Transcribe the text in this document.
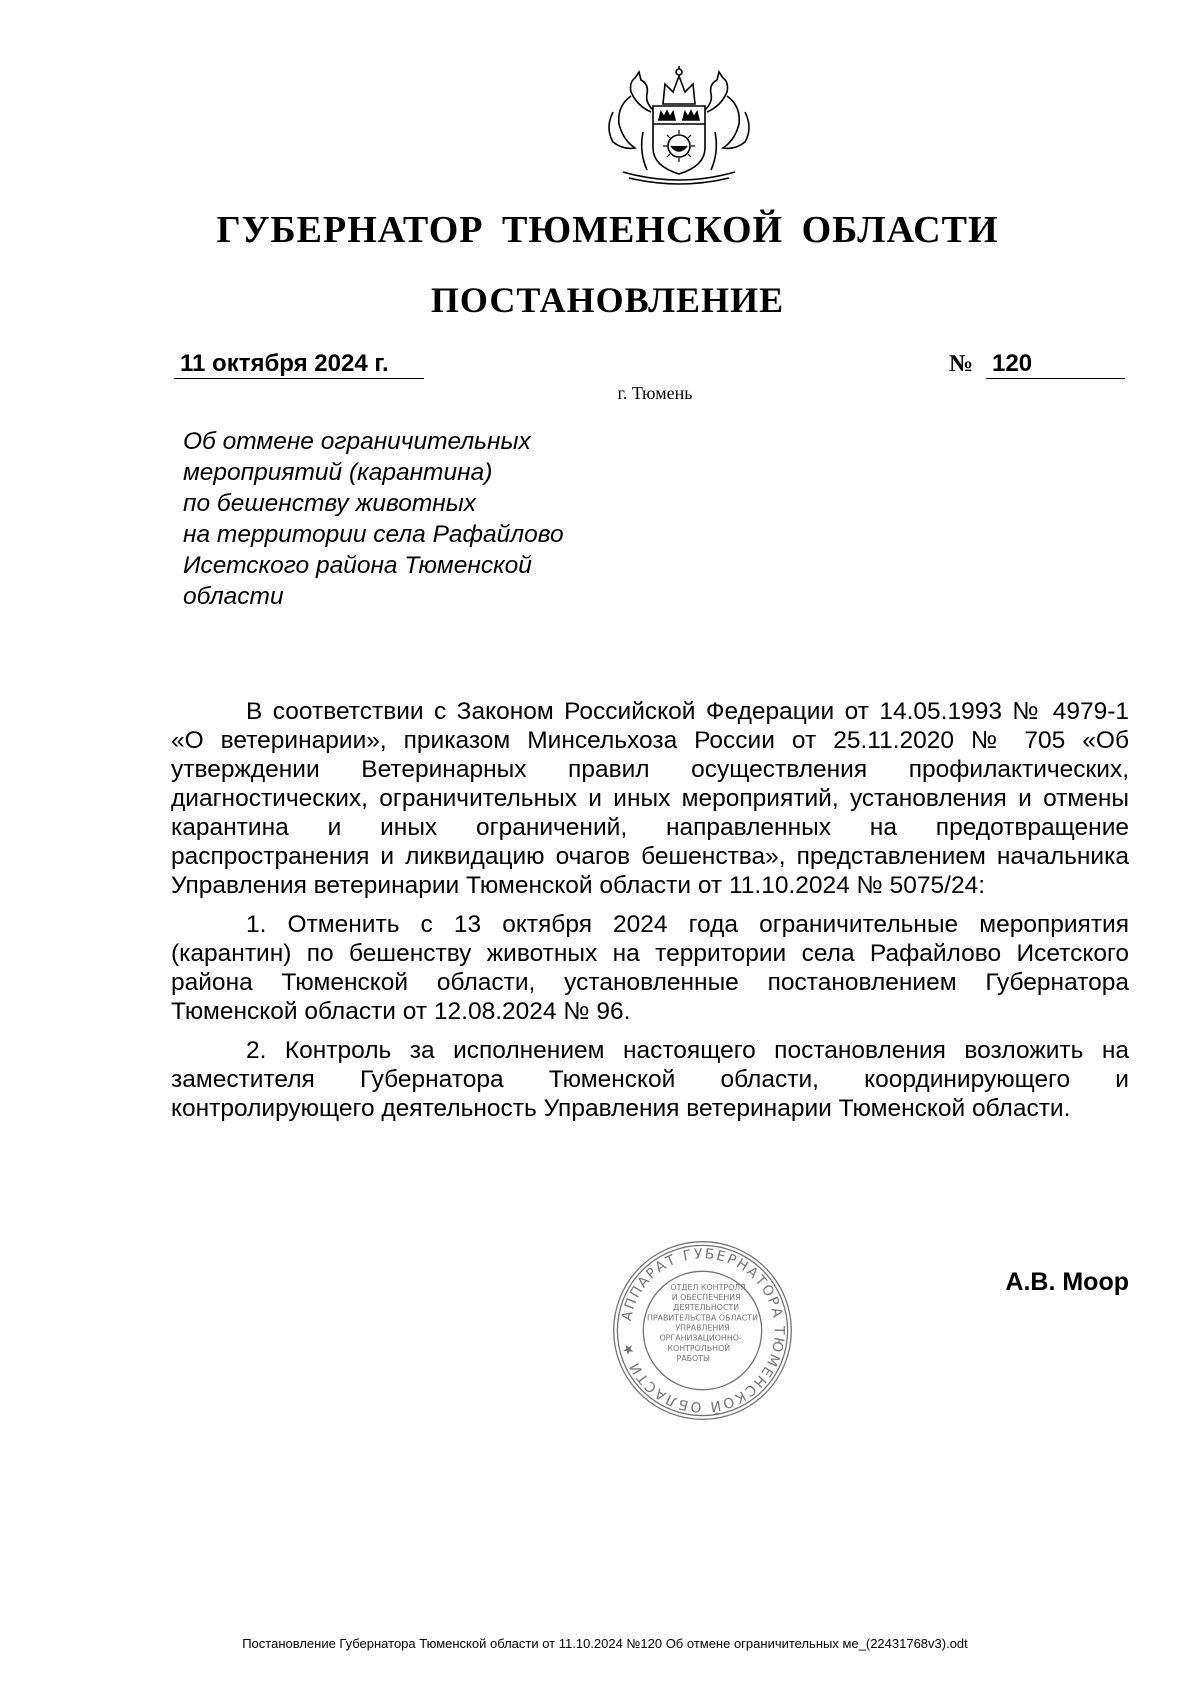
ГУБЕРНАТОР ТЮМЕНСКОЙ ОБЛАСТИ
ПОСТАНОВЛЕНИЕ
11 октября 2024 г.	№ 120
г. Тюмень
Об отмене ограничительных
мероприятий (карантина)
по бешенству животных
на территории села Рафайлово
Исетского района Тюменской
области

В соответствии с Законом Российской Федерации от 14.05.1993 № 4979-1 «О ветеринарии», приказом Минсельхоза России от 25.11.2020 № 705 «Об утверждении Ветеринарных правил осуществления профилактических, диагностических, ограничительных и иных мероприятий, установления и отмены карантина и иных ограничений, направленных на предотвращение распространения и ликвидацию очагов бешенства», представлением начальника Управления ветеринарии Тюменской области от 11.10.2024 № 5075/24:

1. Отменить с 13 октября 2024 года ограничительные мероприятия (карантин) по бешенству животных на территории села Рафайлово Исетского района Тюменской области, установленные постановлением Губернатора Тюменской области от 12.08.2024 № 96.

2. Контроль за исполнением настоящего постановления возложить на заместителя Губернатора Тюменской области, координирующего и контролирующего деятельность Управления ветеринарии Тюменской области.

АППАРАТ ГУБЕРНАТОРА ТЮМЕНСКОЙ ОБЛАСТИ ★
ОТДЕЛ КОНТРОЛЯ
И ОБЕСПЕЧЕНИЯ
ДЕЯТЕЛЬНОСТИ
ПРАВИТЕЛЬСТВА ОБЛАСТИ
УПРАВЛЕНИЯ
ОРГАНИЗАЦИОННО-
КОНТРОЛЬНОЙ
РАБОТЫ
А.В. Моор
Постановление Губернатора Тюменской области от 11.10.2024 №120 Об отмене ограничительных ме_(22431768v3).odt
